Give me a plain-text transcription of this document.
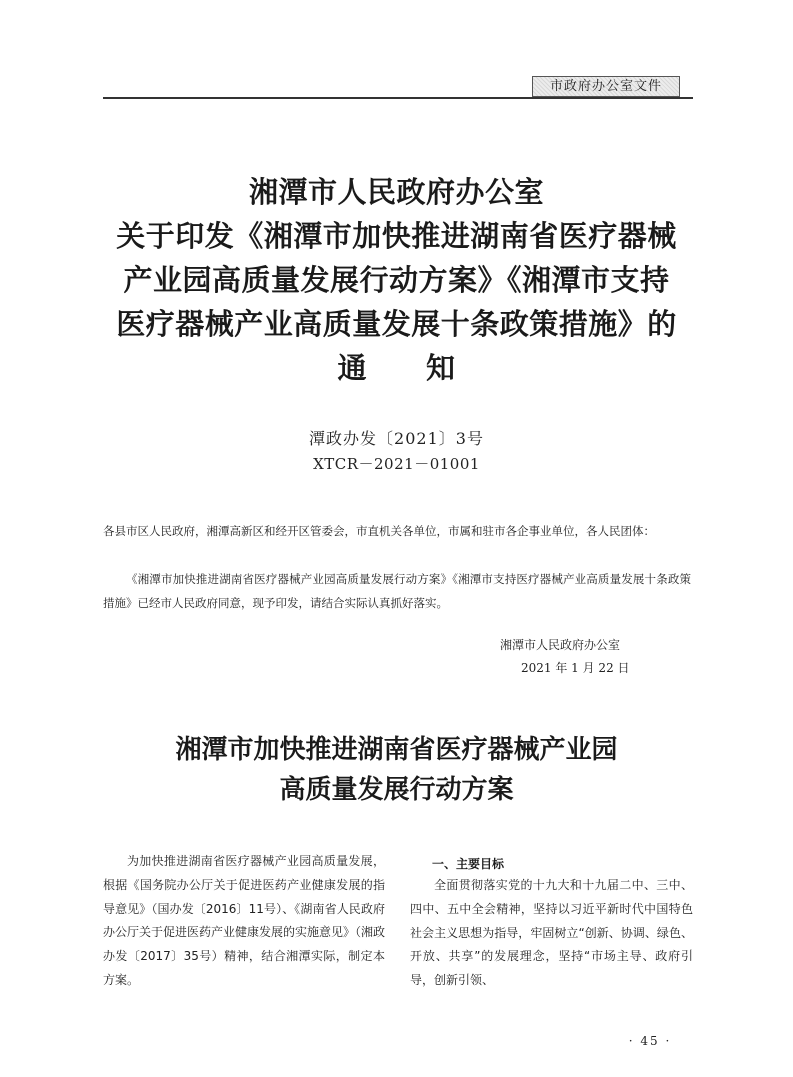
市政府办公室文件
湘潭市人民政府办公室
关于印发《湘潭市加快推进湖南省医疗器械
产业园高质量发展行动方案》《湘潭市支持
医疗器械产业高质量发展十条政策措施》的
通　　知
潭政办发〔2021〕3号
XTCR－2021－01001

各县市区人民政府，湘潭高新区和经开区管委会，市直机关各单位，市属和驻市各企事业单位，各人民团体：

《湘潭市加快推进湖南省医疗器械产业园高质量发展行动方案》《湘潭市支持医疗器械产业高质量发展十条政策措施》已经市人民政府同意，现予印发，请结合实际认真抓好落实。

湘潭市人民政府办公室
2021 年 1 月 22 日
湘潭市加快推进湖南省医疗器械产业园
高质量发展行动方案

为加快推进湖南省医疗器械产业园高质量发展，根据《国务院办公厅关于促进医药产业健康发展的指导意见》（国办发〔2016〕11号）、《湖南省人民政府办公厅关于促进医药产业健康发展的实施意见》（湘政办发〔2017〕35号）精神，结合湘潭实际，制定本方案。

一、主要目标

全面贯彻落实党的十九大和十九届二中、三中、四中、五中全会精神，坚持以习近平新时代中国特色社会主义思想为指导，牢固树立“创新、协调、绿色、开放、共享”的发展理念，坚持“市场主导、政府引导，创新引领、

· 45 ·
